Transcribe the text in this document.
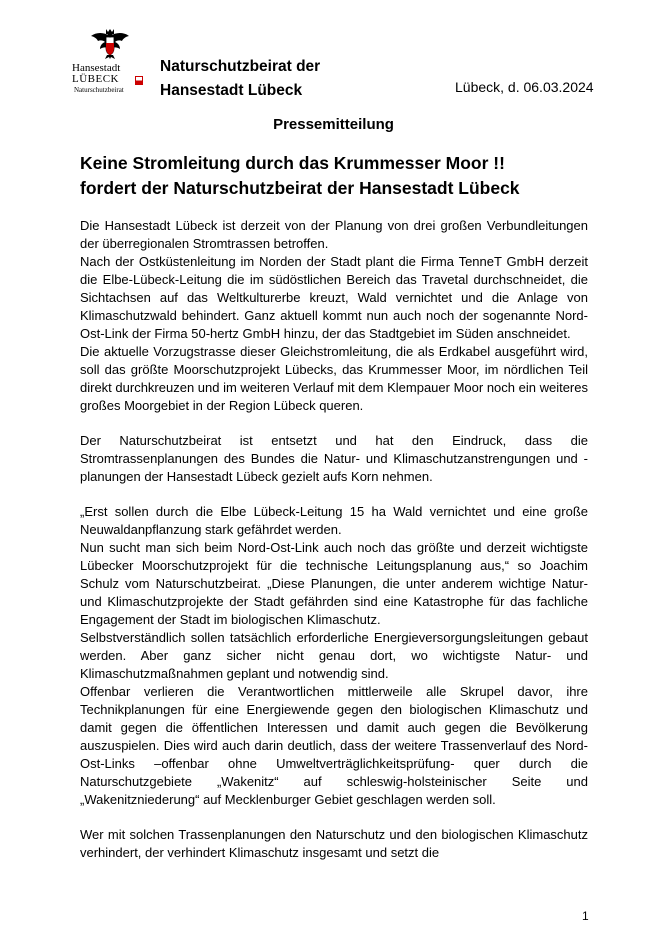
Hansestadt
LÜBECK
Naturschutzbeirat
Naturschutzbeirat der
Hansestadt Lübeck	Lübeck, d. 06.03.2024
Pressemitteilung
Keine Stromleitung durch das Krummesser Moor !!
fordert der Naturschutzbeirat der Hansestadt Lübeck

Die Hansestadt Lübeck ist derzeit von der Planung von drei großen Verbundleitungen der überregionalen Stromtrassen betroffen.

Nach der Ostküstenleitung im Norden der Stadt plant die Firma TenneT GmbH derzeit die Elbe-Lübeck-Leitung die im südöstlichen Bereich das Travetal durchschneidet, die Sichtachsen auf das Weltkulturerbe kreuzt, Wald vernichtet und die Anlage von Klimaschutzwald behindert. Ganz aktuell kommt nun auch noch der sogenannte Nord-Ost-Link der Firma 50-hertz GmbH hinzu, der das Stadtgebiet im Süden anschneidet.

Die aktuelle Vorzugstrasse dieser Gleichstromleitung, die als Erdkabel ausgeführt wird, soll das größte Moorschutzprojekt Lübecks, das Krummesser Moor, im nördlichen Teil direkt durchkreuzen und im weiteren Verlauf mit dem Klempauer Moor noch ein weiteres großes Moorgebiet in der Region Lübeck queren.

Der Naturschutzbeirat ist entsetzt und hat den Eindruck, dass die Stromtrassenplanungen des Bundes die Natur- und Klimaschutzanstrengungen und -planungen der Hansestadt Lübeck gezielt aufs Korn nehmen.

„Erst sollen durch die Elbe Lübeck-Leitung 15 ha Wald vernichtet und eine große Neuwaldanpflanzung stark gefährdet werden.

Nun sucht man sich beim Nord-Ost-Link auch noch das größte und derzeit wichtigste Lübecker Moorschutzprojekt für die technische Leitungsplanung aus,“ so Joachim Schulz vom Naturschutzbeirat. „Diese Planungen, die unter anderem wichtige Natur- und Klimaschutzprojekte der Stadt gefährden sind eine Katastrophe für das fachliche Engagement der Stadt im biologischen Klimaschutz.

Selbstverständlich sollen tatsächlich erforderliche Energieversorgungsleitungen gebaut werden. Aber ganz sicher nicht genau dort, wo wichtigste Natur- und Klimaschutzmaßnahmen geplant und notwendig sind.

Offenbar verlieren die Verantwortlichen mittlerweile alle Skrupel davor, ihre Technikplanungen für eine Energiewende gegen den biologischen Klimaschutz und damit gegen die öffentlichen Interessen und damit auch gegen die Bevölkerung auszuspielen. Dies wird auch darin deutlich, dass der weitere Trassenverlauf des Nord-Ost-Links –offenbar ohne Umweltverträglichkeitsprüfung- quer durch die Naturschutzgebiete „Wakenitz“ auf schleswig-holsteinischer Seite und „Wakenitzniederung“ auf Mecklenburger Gebiet geschlagen werden soll.

Wer mit solchen Trassenplanungen den Naturschutz und den biologischen Klimaschutz verhindert, der verhindert Klimaschutz insgesamt und setzt die

1
